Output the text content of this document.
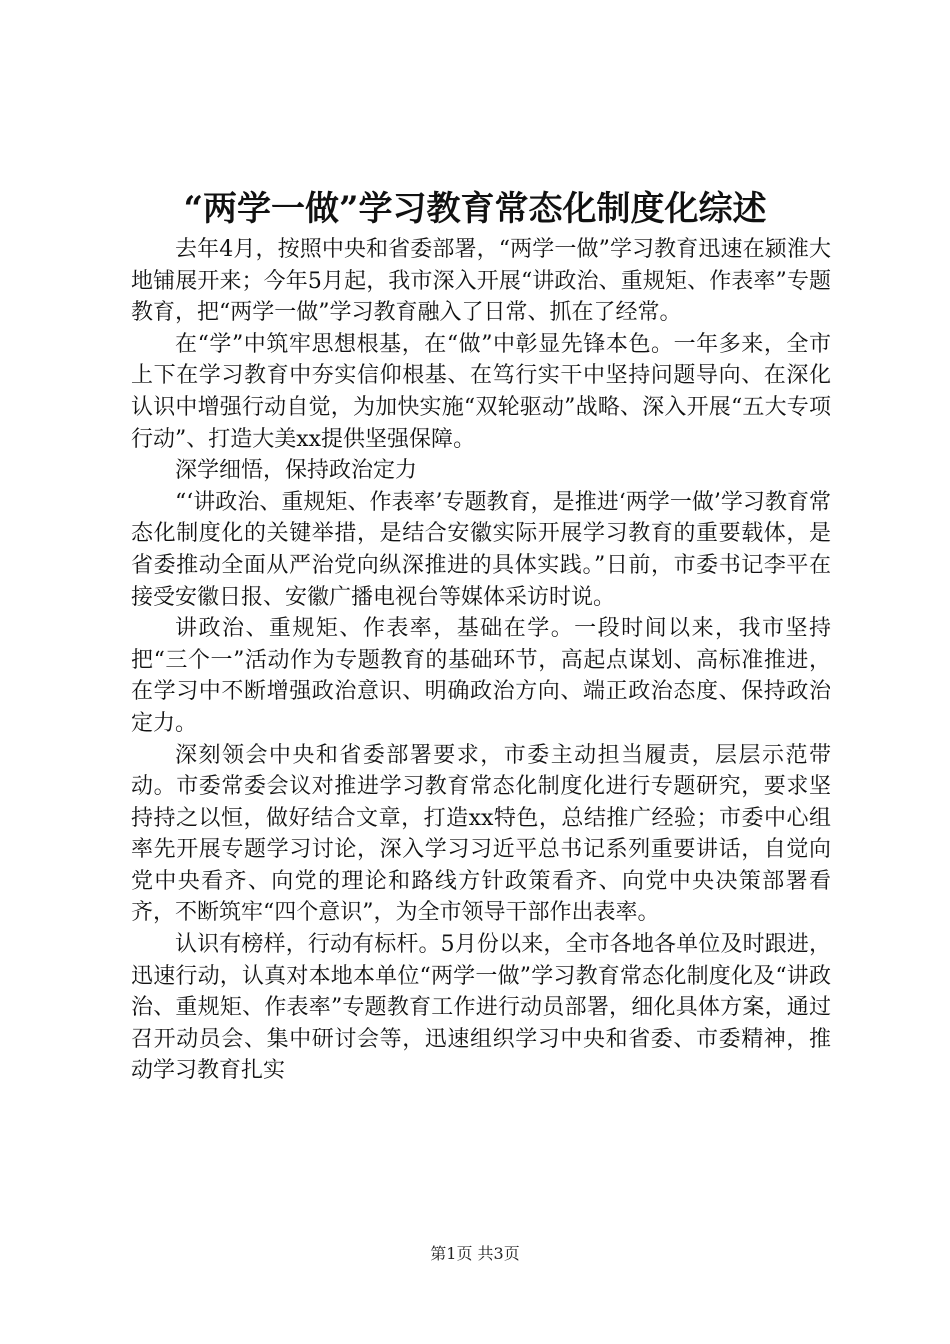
“两学一做”学习教育常态化制度化综述

去年4月，按照中央和省委部署，“两学一做”学习教育迅速在颍淮大地铺展开来；今年5月起，我市深入开展“讲政治、重规矩、作表率”专题教育，把“两学一做”学习教育融入了日常、抓在了经常。

在“学”中筑牢思想根基，在“做”中彰显先锋本色。一年多来，全市上下在学习教育中夯实信仰根基、在笃行实干中坚持问题导向、在深化认识中增强行动自觉，为加快实施“双轮驱动”战略、深入开展“五大专项行动”、打造大美xx提供坚强保障。

深学细悟，保持政治定力

“‘讲政治、重规矩、作表率’专题教育，是推进‘两学一做’学习教育常态化制度化的关键举措，是结合安徽实际开展学习教育的重要载体，是省委推动全面从严治党向纵深推进的具体实践。”日前，市委书记李平在接受安徽日报、安徽广播电视台等媒体采访时说。

讲政治、重规矩、作表率，基础在学。一段时间以来，我市坚持把“三个一”活动作为专题教育的基础环节，高起点谋划、高标准推进，在学习中不断增强政治意识、明确政治方向、端正政治态度、保持政治定力。

深刻领会中央和省委部署要求，市委主动担当履责，层层示范带动。市委常委会议对推进学习教育常态化制度化进行专题研究，要求坚持持之以恒，做好结合文章，打造xx特色，总结推广经验；市委中心组率先开展专题学习讨论，深入学习习近平总书记系列重要讲话，自觉向党中央看齐、向党的理论和路线方针政策看齐、向党中央决策部署看齐，不断筑牢“四个意识”，为全市领导干部作出表率。

认识有榜样，行动有标杆。5月份以来，全市各地各单位及时跟进，迅速行动，认真对本地本单位“两学一做”学习教育常态化制度化及“讲政治、重规矩、作表率”专题教育工作进行动员部署，细化具体方案，通过召开动员会、集中研讨会等，迅速组织学习中央和省委、市委精神，推动学习教育扎实

第1页 共3页
